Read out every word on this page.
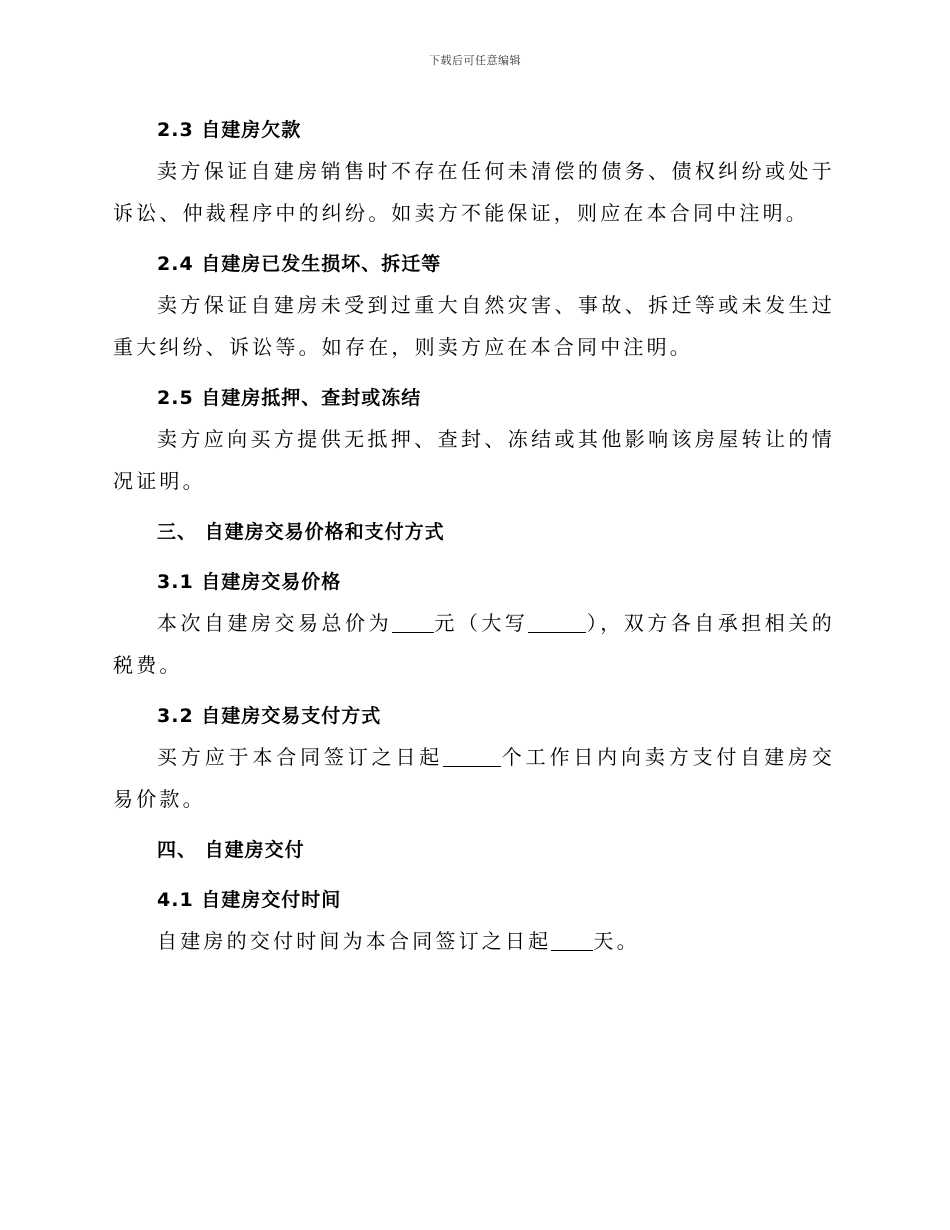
下载后可任意编辑
2.3 自建房欠款

卖方保证自建房销售时不存在任何未清偿的债务、债权纠纷或处于诉讼、仲裁程序中的纠纷。如卖方不能保证，则应在本合同中注明。

2.4 自建房已发生损坏、拆迁等

卖方保证自建房未受到过重大自然灾害、事故、拆迁等或未发生过重大纠纷、诉讼等。如存在，则卖方应在本合同中注明。

2.5 自建房抵押、查封或冻结

卖方应向买方提供无抵押、查封、冻结或其他影响该房屋转让的情况证明。

三、 自建房交易价格和支付方式
3.1 自建房交易价格

本次自建房交易总价为 元（大写	），双方各自承担相关的税费。

3.2 自建房交易支付方式

买方应于本合同签订之日起	个工作日内向卖方支付自建房交易价款。

四、 自建房交付
4.1 自建房交付时间

自建房的交付时间为本合同签订之日起 天。
